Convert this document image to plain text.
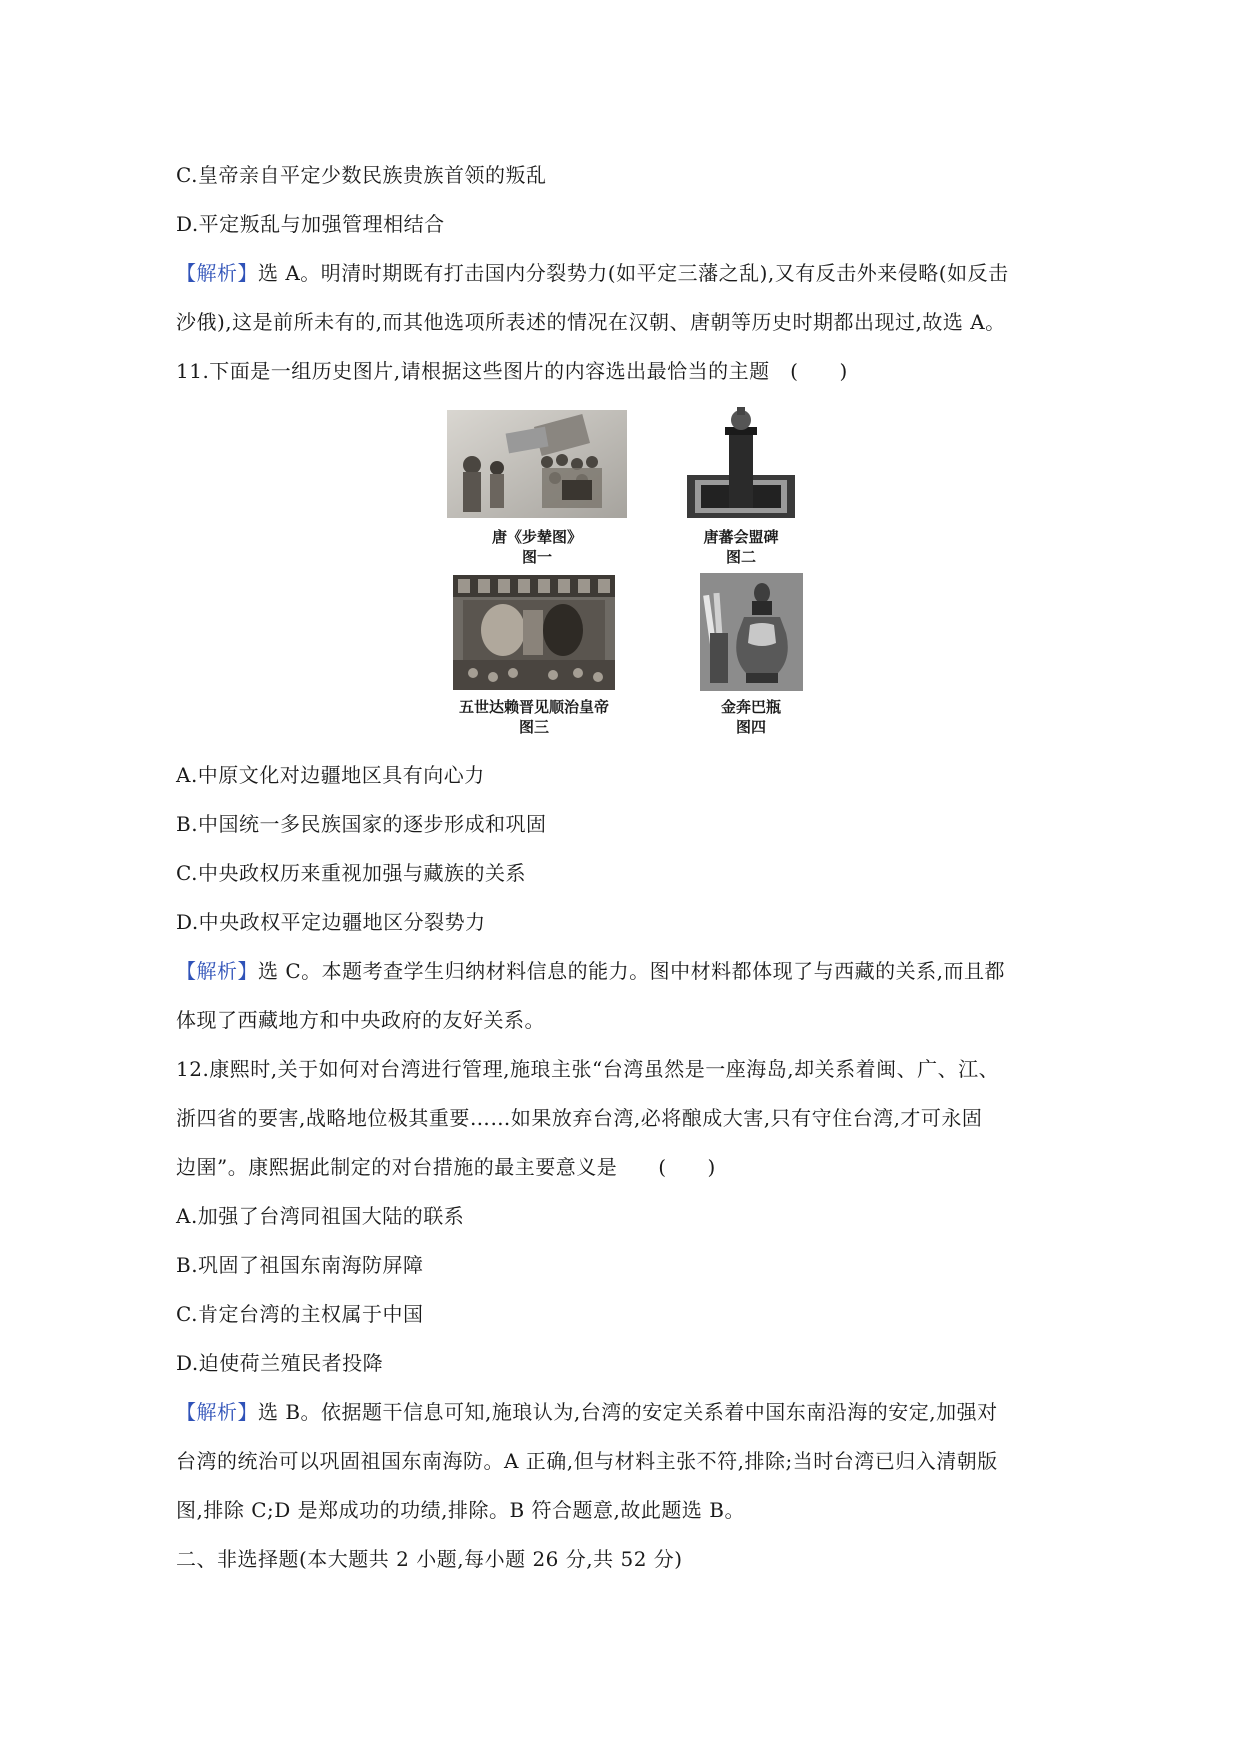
C.皇帝亲自平定少数民族贵族首领的叛乱
D.平定叛乱与加强管理相结合
【解析】选 A。明清时期既有打击国内分裂势力(如平定三藩之乱),又有反击外来侵略(如反击
沙俄),这是前所未有的,而其他选项所表述的情况在汉朝、唐朝等历史时期都出现过,故选 A。
11.下面是一组历史图片,请根据这些图片的内容选出最恰当的主题　(　　)
唐《步辇图》
图一
唐蕃会盟碑
图二
五世达赖晋见顺治皇帝
图三
金奔巴瓶
图四
A.中原文化对边疆地区具有向心力
B.中国统一多民族国家的逐步形成和巩固
C.中央政权历来重视加强与藏族的关系
D.中央政权平定边疆地区分裂势力
【解析】选 C。本题考查学生归纳材料信息的能力。图中材料都体现了与西藏的关系,而且都
体现了西藏地方和中央政府的友好关系。
12.康熙时,关于如何对台湾进行管理,施琅主张“台湾虽然是一座海岛,却关系着闽、广、江、
浙四省的要害,战略地位极其重要……如果放弃台湾,必将酿成大害,只有守住台湾,才可永固
边圉”。康熙据此制定的对台措施的最主要意义是　　(　　)
A.加强了台湾同祖国大陆的联系
B.巩固了祖国东南海防屏障
C.肯定台湾的主权属于中国
D.迫使荷兰殖民者投降
【解析】选 B。依据题干信息可知,施琅认为,台湾的安定关系着中国东南沿海的安定,加强对
台湾的统治可以巩固祖国东南海防。A 正确,但与材料主张不符,排除;当时台湾已归入清朝版
图,排除 C;D 是郑成功的功绩,排除。B 符合题意,故此题选 B。
二、非选择题(本大题共 2 小题,每小题 26 分,共 52 分)
